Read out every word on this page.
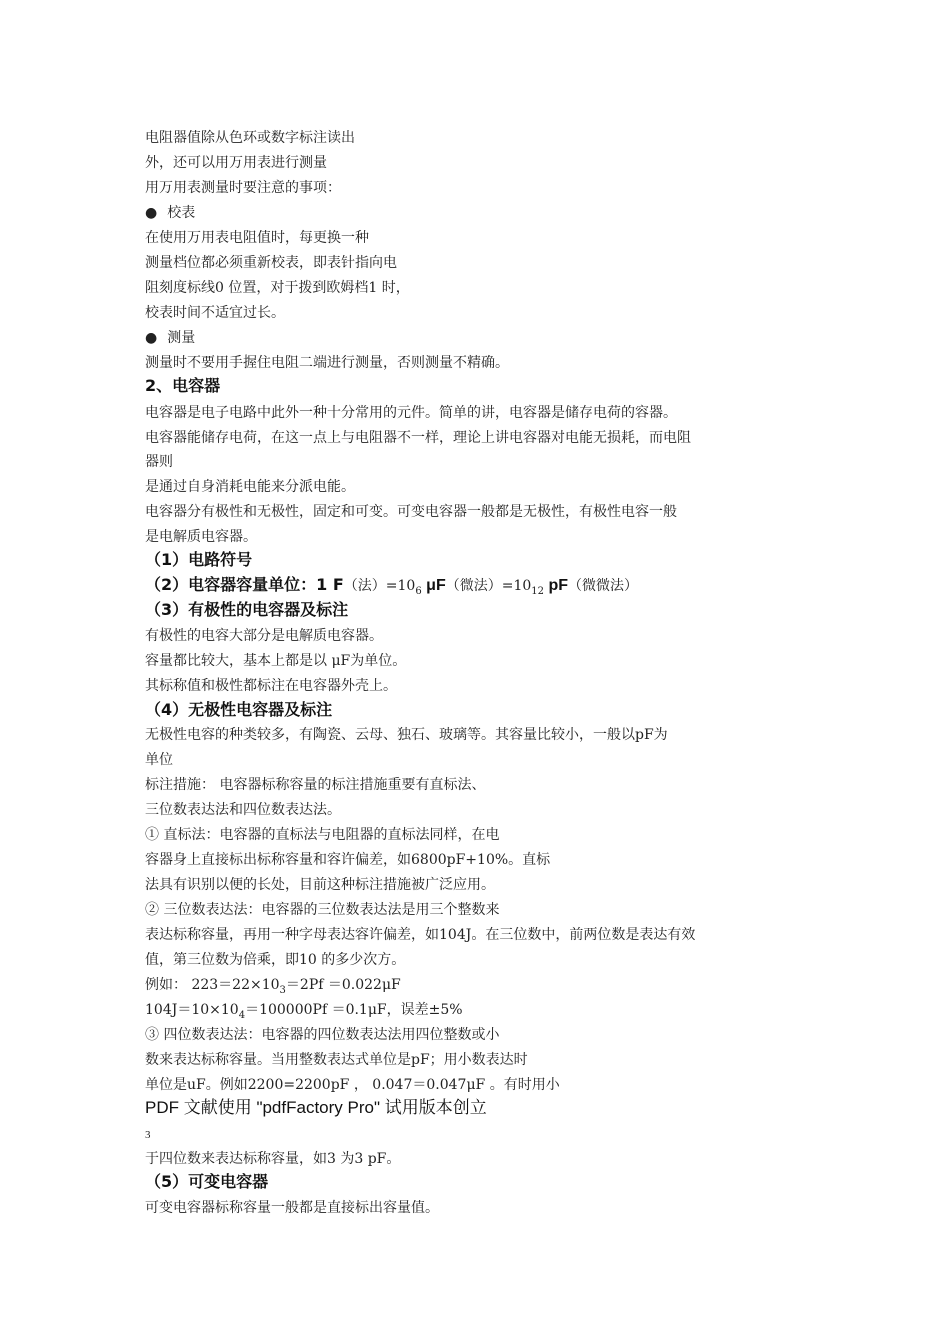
电阻器值除从色环或数字标注读出
外，还可以用万用表进行测量
用万用表测量时要注意的事项：
● 校表
在使用万用表电阻值时，每更换一种
测量档位都必须重新校表，即表针指向电
阻刻度标线0 位置，对于拨到欧姆档1 时，
校表时间不适宜过长。
● 测量
测量时不要用手握住电阻二端进行测量，否则测量不精确。
2、电容器
电容器是电子电路中此外一种十分常用的元件。简单的讲，电容器是储存电荷的容器。
电容器能储存电荷，在这一点上与电阻器不一样，理论上讲电容器对电能无损耗，而电阻
器则
是通过自身消耗电能来分派电能。
电容器分有极性和无极性，固定和可变。可变电容器一般都是无极性，有极性电容一般
是电解质电容器。
（1）电路符号
（2）电容器容量单位：1 F（法）$=10_6$ μF（微法）$=10_{12}$ pF（微微法）
（3）有极性的电容器及标注
有极性的电容大部分是电解质电容器。
容量都比较大，基本上都是以 μF为单位。
其标称值和极性都标注在电容器外壳上。
（4）无极性电容器及标注
无极性电容的种类较多，有陶瓷、云母、独石、玻璃等。其容量比较小，一般以pF为
单位
标注措施： 电容器标称容量的标注措施重要有直标法、
三位数表达法和四位数表达法。
① 直标法：电容器的直标法与电阻器的直标法同样，在电
容器身上直接标出标称容量和容许偏差，如6800pF+10%。直标
法具有识别以便的长处，目前这种标注措施被广泛应用。
② 三位数表达法：电容器的三位数表达法是用三个整数来
表达标称容量，再用一种字母表达容许偏差，如104J。在三位数中，前两位数是表达有效
值，第三位数为倍乘，即10 的多少次方。
例如： $223=22\times 10_3=2Pf =0.022\mu F$
$104J=10\times 10_4=100000Pf =0.1\mu F$，误差±5%
③ 四位数表达法：电容器的四位数表达法用四位整数或小
数来表达标称容量。当用整数表达式单位是pF；用小数表达时
单位是uF。例如2200=2200pF ， 0.047＝0.047μF 。有时用小
PDF 文献使用 "pdfFactory Pro" 试用版本创立
3
于四位数来表达标称容量，如3 为3 pF。
（5）可变电容器
可变电容器标称容量一般都是直接标出容量值。
